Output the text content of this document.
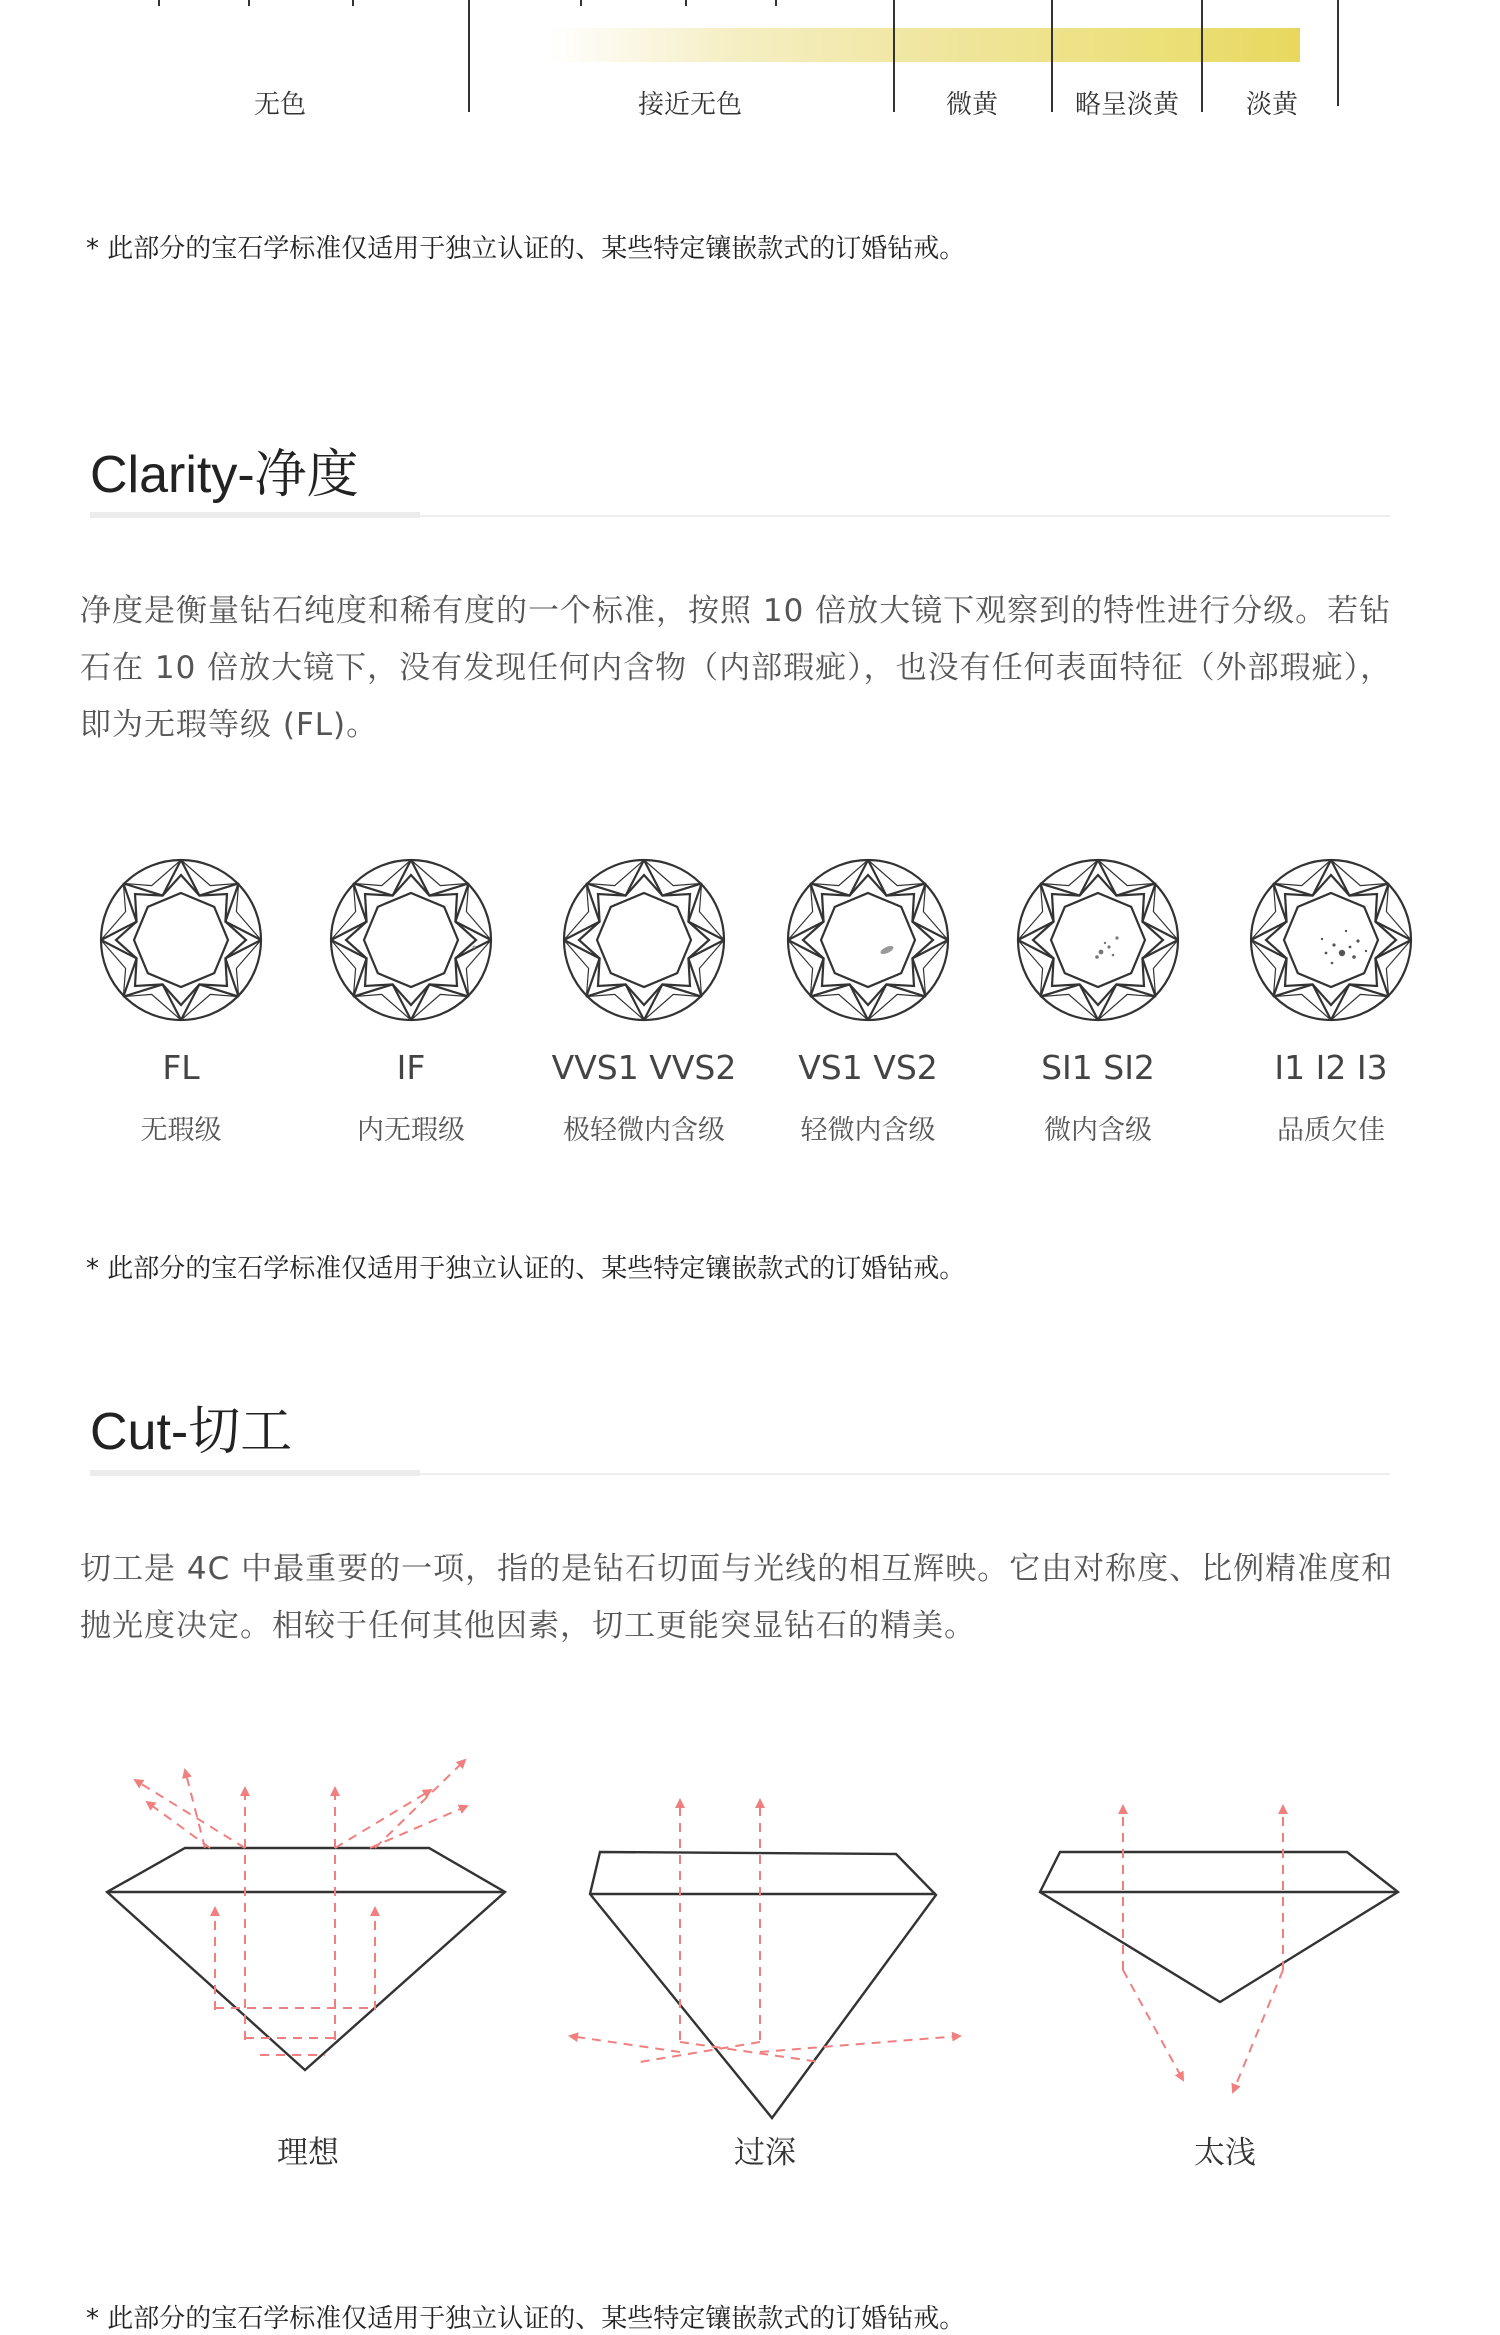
无色	接近无色	微黄	略呈淡黄	淡黄
* 此部分的宝石学标准仅适用于独立认证的、某些特定镶嵌款式的订婚钻戒。
Clarity-净度
净度是衡量钻石纯度和稀有度的一个标准，按照 10 倍放大镜下观察到的特性进行分级。若钻石在 10 倍放大镜下，没有发现任何内含物（内部瑕疵），也没有任何表面特征（外部瑕疵），即为无瑕等级 (FL)。
FL	IF	VVS1 VVS2	VS1 VS2	SI1 SI2	I1 I2 I3
无瑕级	内无瑕级	极轻微内含级	轻微内含级	微内含级	品质欠佳
* 此部分的宝石学标准仅适用于独立认证的、某些特定镶嵌款式的订婚钻戒。
Cut-切工
切工是 4C 中最重要的一项，指的是钻石切面与光线的相互辉映。它由对称度、比例精准度和抛光度决定。相较于任何其他因素，切工更能突显钻石的精美。
理想	过深	太浅
* 此部分的宝石学标准仅适用于独立认证的、某些特定镶嵌款式的订婚钻戒。
